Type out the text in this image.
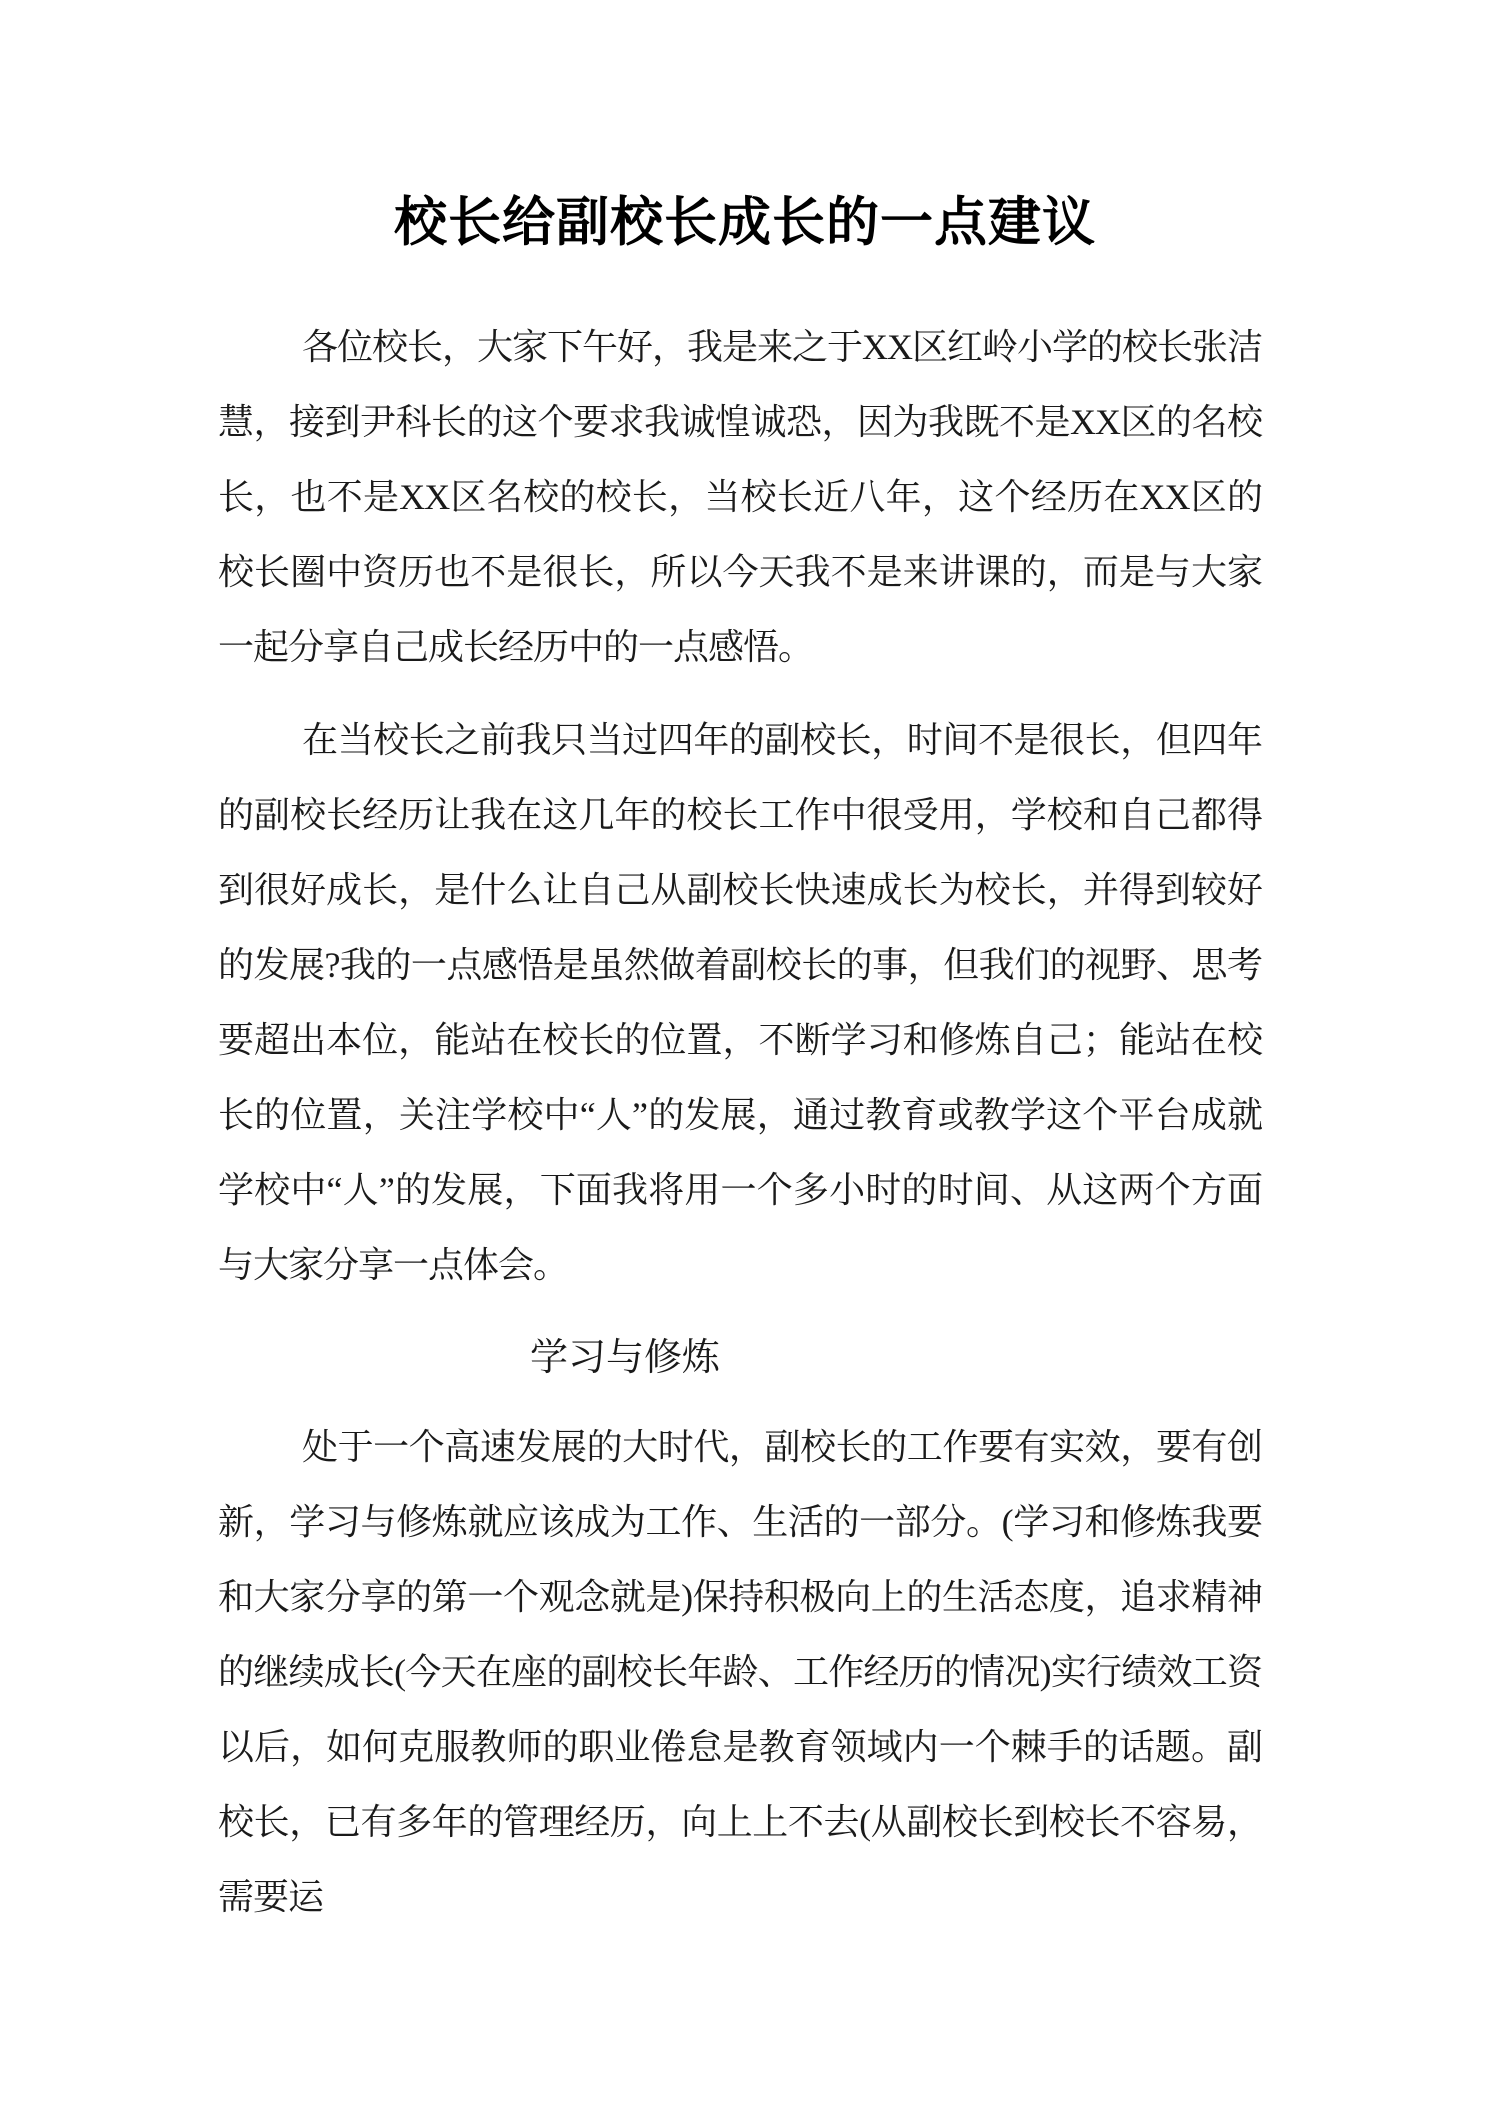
校长给副校长成长的一点建议

各位校长，大家下午好，我是来之于XX区红岭小学的校长张洁慧，接到尹科长的这个要求我诚惶诚恐，因为我既不是XX区的名校长，也不是XX区名校的校长，当校长近八年，这个经历在XX区的 校长圈中资历也不是很长，所以今天我不是来讲课的，而是与大家一起分享自己成长经历中的一点感悟。

在当校长之前我只当过四年的副校长，时间不是很长，但四年的副校长经历让我在这几年的校长工作中很受用，学校和自己都得到很好成长，是什么让自己从副校长快速成长为校长，并得到较好的发展?我的一点感悟是虽然做着副校长的事，但我们的视野、思考要超出本位，能站在校长的位置，不断学习和修炼自己；能站在校长的位置，关注学校中“人”的发展，通过教育或教学这个平台成就学校中“人”的发展，下面我将用一个多小时的时间、从这两个方面与大家分享一点体会。

学习与修炼

处于一个高速发展的大时代，副校长的工作要有实效，要有创新，学习与修炼就应该成为工作、生活的一部分。(学习和修炼我要和大家分享的第一个观念就是)保持积极向上的生活态度，追求精神的继续成长(今天在座的副校长年龄、工作经历的情况)实行绩效工资以后，如何克服教师的职业倦怠是教育领域内一个棘手的话题。副校长，已有多年的管理经历，向上上不去(从副校长到校长不容易，需要运
